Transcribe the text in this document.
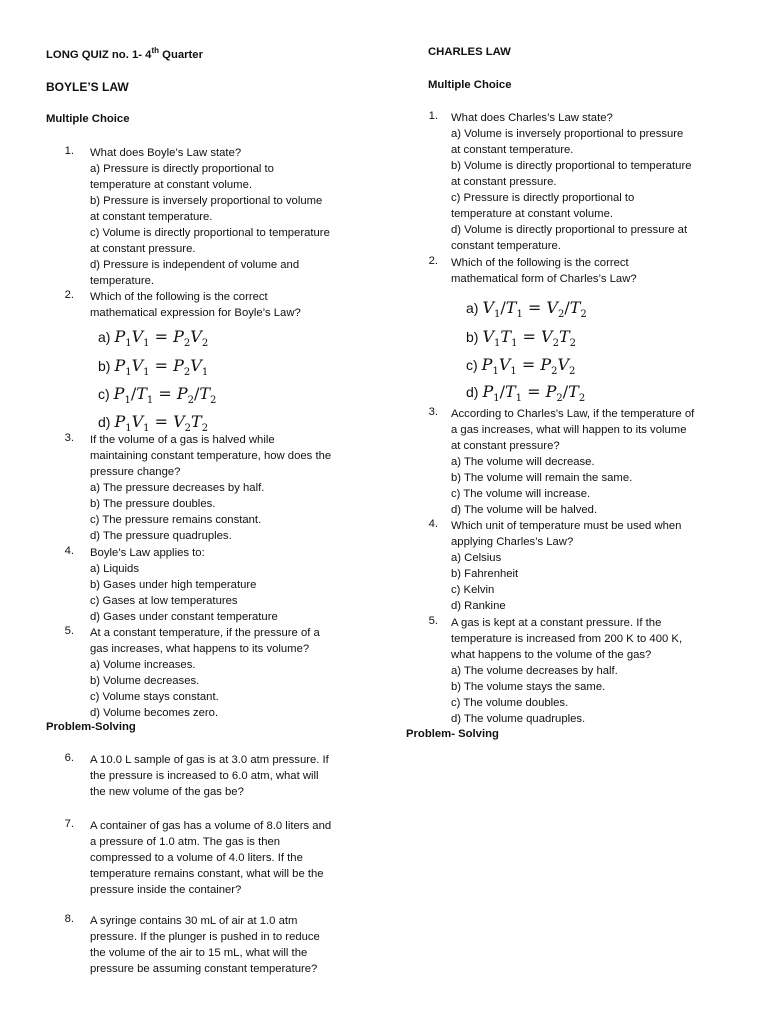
LONG QUIZ no. 1- 4th Quarter
BOYLE’S LAW
Multiple Choice
1. What does Boyle’s Law state?
a) Pressure is directly proportional to
temperature at constant volume.
b) Pressure is inversely proportional to volume
at constant temperature.
c) Volume is directly proportional to temperature
at constant pressure.
d) Pressure is independent of volume and
temperature.
2. Which of the following is the correct
mathematical expression for Boyle’s Law?
a) $P_1V_1 = P_2V_2$
b) $P_1V_1 = P_2V_1$
c) $P_1/T_1 = P_2/T_2$
d) $P_1V_1 = V_2T_2$
3. If the volume of a gas is halved while
maintaining constant temperature, how does the
pressure change?
a) The pressure decreases by half.
b) The pressure doubles.
c) The pressure remains constant.
d) The pressure quadruples.
4. Boyle’s Law applies to:
a) Liquids
b) Gases under high temperature
c) Gases at low temperatures
d) Gases under constant temperature
5. At a constant temperature, if the pressure of a
gas increases, what happens to its volume?
a) Volume increases.
b) Volume decreases.
c) Volume stays constant.
d) Volume becomes zero.
Problem-Solving
6. A 10.0 L sample of gas is at 3.0 atm pressure. If
the pressure is increased to 6.0 atm, what will
the new volume of the gas be?
7. A container of gas has a volume of 8.0 liters and
a pressure of 1.0 atm. The gas is then
compressed to a volume of 4.0 liters. If the
temperature remains constant, what will be the
pressure inside the container?
8. A syringe contains 30 mL of air at 1.0 atm
pressure. If the plunger is pushed in to reduce
the volume of the air to 15 mL, what will the
pressure be assuming constant temperature?
CHARLES LAW
Multiple Choice
1. What does Charles’s Law state?
a) Volume is inversely proportional to pressure
at constant temperature.
b) Volume is directly proportional to temperature
at constant pressure.
c) Pressure is directly proportional to
temperature at constant volume.
d) Volume is directly proportional to pressure at
constant temperature.
2. Which of the following is the correct
mathematical form of Charles’s Law?
a) $V_1/T_1 = V_2/T_2$
b) $V_1T_1 = V_2T_2$
c) $P_1V_1 = P_2V_2$
d) $P_1/T_1 = P_2/T_2$
3. According to Charles's Law, if the temperature of
a gas increases, what will happen to its volume
at constant pressure?
a) The volume will decrease.
b) The volume will remain the same.
c) The volume will increase.
d) The volume will be halved.
4. Which unit of temperature must be used when
applying Charles’s Law?
a) Celsius
b) Fahrenheit
c) Kelvin
d) Rankine
5. A gas is kept at a constant pressure. If the
temperature is increased from 200 K to 400 K,
what happens to the volume of the gas?
a) The volume decreases by half.
b) The volume stays the same.
c) The volume doubles.
d) The volume quadruples.
Problem- Solving
